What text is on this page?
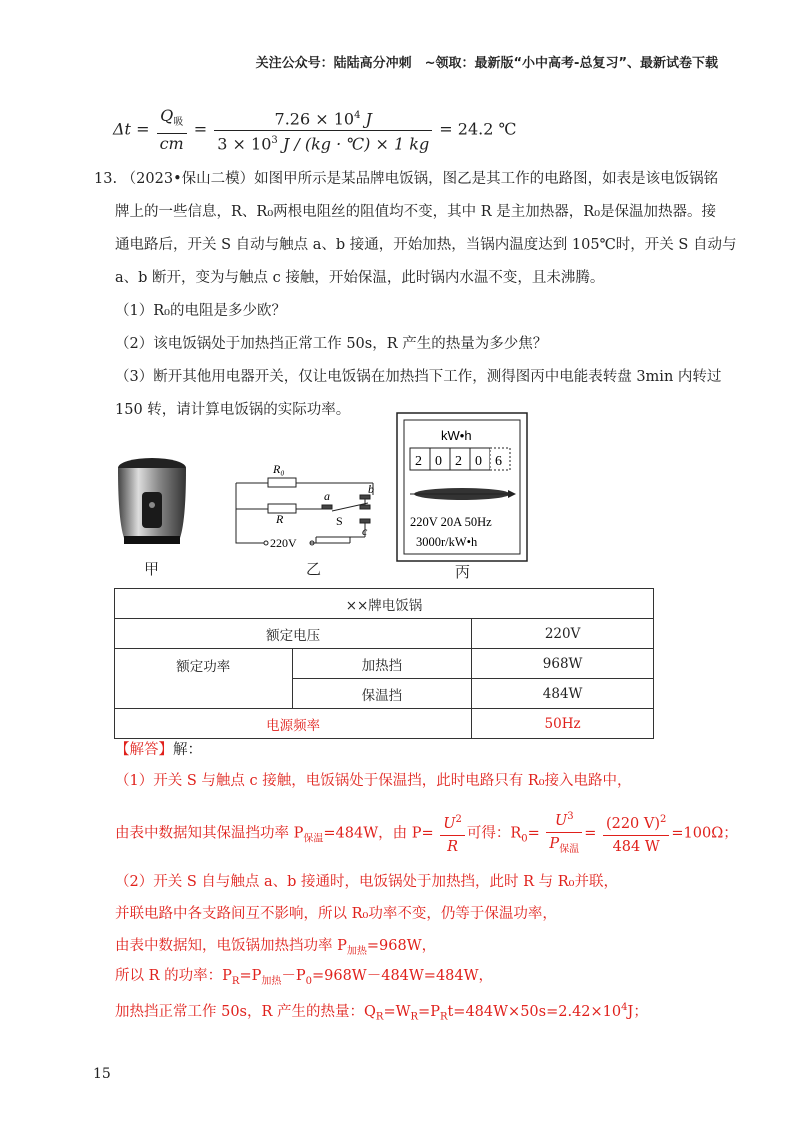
关注公众号：陆陆高分冲刺　~领取：最新版“小中高考-总复习”、最新试卷下载
$\Delta t = \frac{Q_吸}{cm} = \frac{7.26 \times 10^4 J}{3 \times 10^3 J / (kg \cdot ℃) \times 1 kg} = 24.2$ ℃
13. （2023•保山二模）如图甲所示是某品牌电饭锅，图乙是其工作的电路图，如表是该电饭锅铭
牌上的一些信息，R、R₀两根电阻丝的阻值均不变，其中 R 是主加热器，R₀是保温加热器。接
通电路后，开关 S 自动与触点 a、b 接通，开始加热，当锅内温度达到 105℃时，开关 S 自动与
a、b 断开，变为与触点 c 接触，开始保温，此时锅内水温不变，且未沸腾。
（1）R₀的电阻是多少欧？
（2）该电饭锅处于加热挡正常工作 50s，R 产生的热量为多少焦？
（3）断开其他用电器开关，仅让电饭锅在加热挡下工作，测得图丙中电能表转盘 3min 内转过
150 转，请计算电饭锅的实际功率。
甲
R₀
R
a	b
S
c
220V
乙
kW•h
2 0 2 0 6
220V 20A 50Hz
3000r/kW•h
丙
××牌电饭锅		
额定电压		220V
额定功率	加热挡	968W
	保温挡	484W
电源频率		50Hz
【解答】解：
（1）开关 S 与触点 c 接触，电饭锅处于保温挡，此时电路只有 R₀接入电路中，
由表中数据知其保温挡功率 $P_{保温}=484W$，由 $P= \frac{U^2}{R}$ 可得：$R_0= \frac{U^3}{P_{保温}} = \frac{(220 V)^2}{484 W} =100\Omega$；
（2）开关 S 自与触点 a、b 接通时，电饭锅处于加热挡，此时 R 与 R₀并联，
并联电路中各支路间互不影响，所以 R₀功率不变，仍等于保温功率，
由表中数据知，电饭锅加热挡功率 $P_{加热}=968W$，
所以 R 的功率：$P_R=P_{加热}-P_0=968W-484W=484W$，
加热挡正常工作 50s，R 产生的热量：$Q_R=W_R=P_Rt=484W\times 50s=2.42\times 10^4J$；
15
